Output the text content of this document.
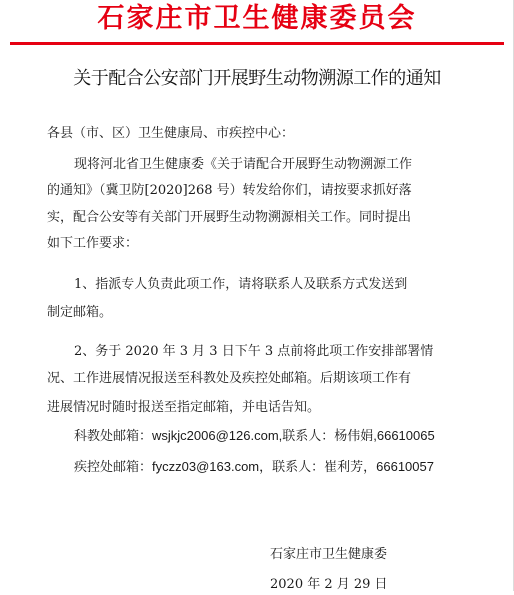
石家庄市卫生健康委员会
关于配合公安部门开展野生动物溯源工作的通知
各县（市、区）卫生健康局、市疾控中心：
现将河北省卫生健康委《关于请配合开展野生动物溯源工作
的通知》（冀卫防[2020]268 号）转发给你们，请按要求抓好落
实，配合公安等有关部门开展野生动物溯源相关工作。同时提出
如下工作要求：
1、指派专人负责此项工作，请将联系人及联系方式发送到
制定邮箱。
2、务于 2020 年 3 月 3 日下午 3 点前将此项工作安排部署情
况、工作进展情况报送至科教处及疾控处邮箱。后期该项工作有
进展情况时随时报送至指定邮箱，并电话告知。
科教处邮箱：wsjkjc2006@126.com,联系人：杨伟娟,66610065
疾控处邮箱：fyczz03@163.com，联系人：崔利芳，66610057
石家庄市卫生健康委
2020 年 2 月 29 日
